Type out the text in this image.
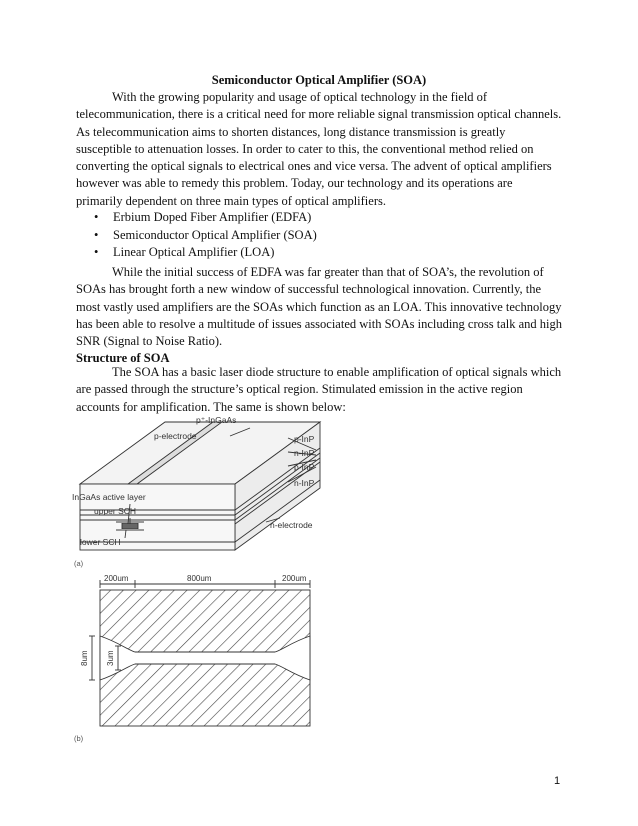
Semiconductor Optical Amplifier (SOA)

With the growing popularity and usage of optical technology in the field of
telecommunication, there is a critical need for more reliable signal transmission optical channels.
As telecommunication aims to shorten distances, long distance transmission is greatly
susceptible to attenuation losses. In order to cater to this, the conventional method relied on
converting the optical signals to electrical ones and vice versa. The advent of optical amplifiers
however was able to remedy this problem. Today, our technology and its operations are
primarily dependent on three main types of optical amplifiers.

• Erbium Doped Fiber Amplifier (EDFA)
• Semiconductor Optical Amplifier (SOA)
• Linear Optical Amplifier (LOA)

While the initial success of EDFA was far greater than that of SOA’s, the revolution of
SOAs has brought forth a new window of successful technological innovation. Currently, the
most vastly used amplifiers are the SOAs which function as an LOA. This innovative technology
has been able to resolve a multitude of issues associated with SOAs including cross talk and high
SNR (Signal to Noise Ratio).

Structure of SOA

The SOA has a basic laser diode structure to enable amplification of optical signals which
are passed through the structure’s optical region. Stimulated emission in the active region
accounts for amplification. The same is shown below:

p⁺-InGaAs
p-electrode	p-InP
n-InP
p-InP
n-InP
InGaAs active layer
upper SCH
lower SCH
n-electrode
(a)
200um	800um	200um
8um 3um
(b)
1
